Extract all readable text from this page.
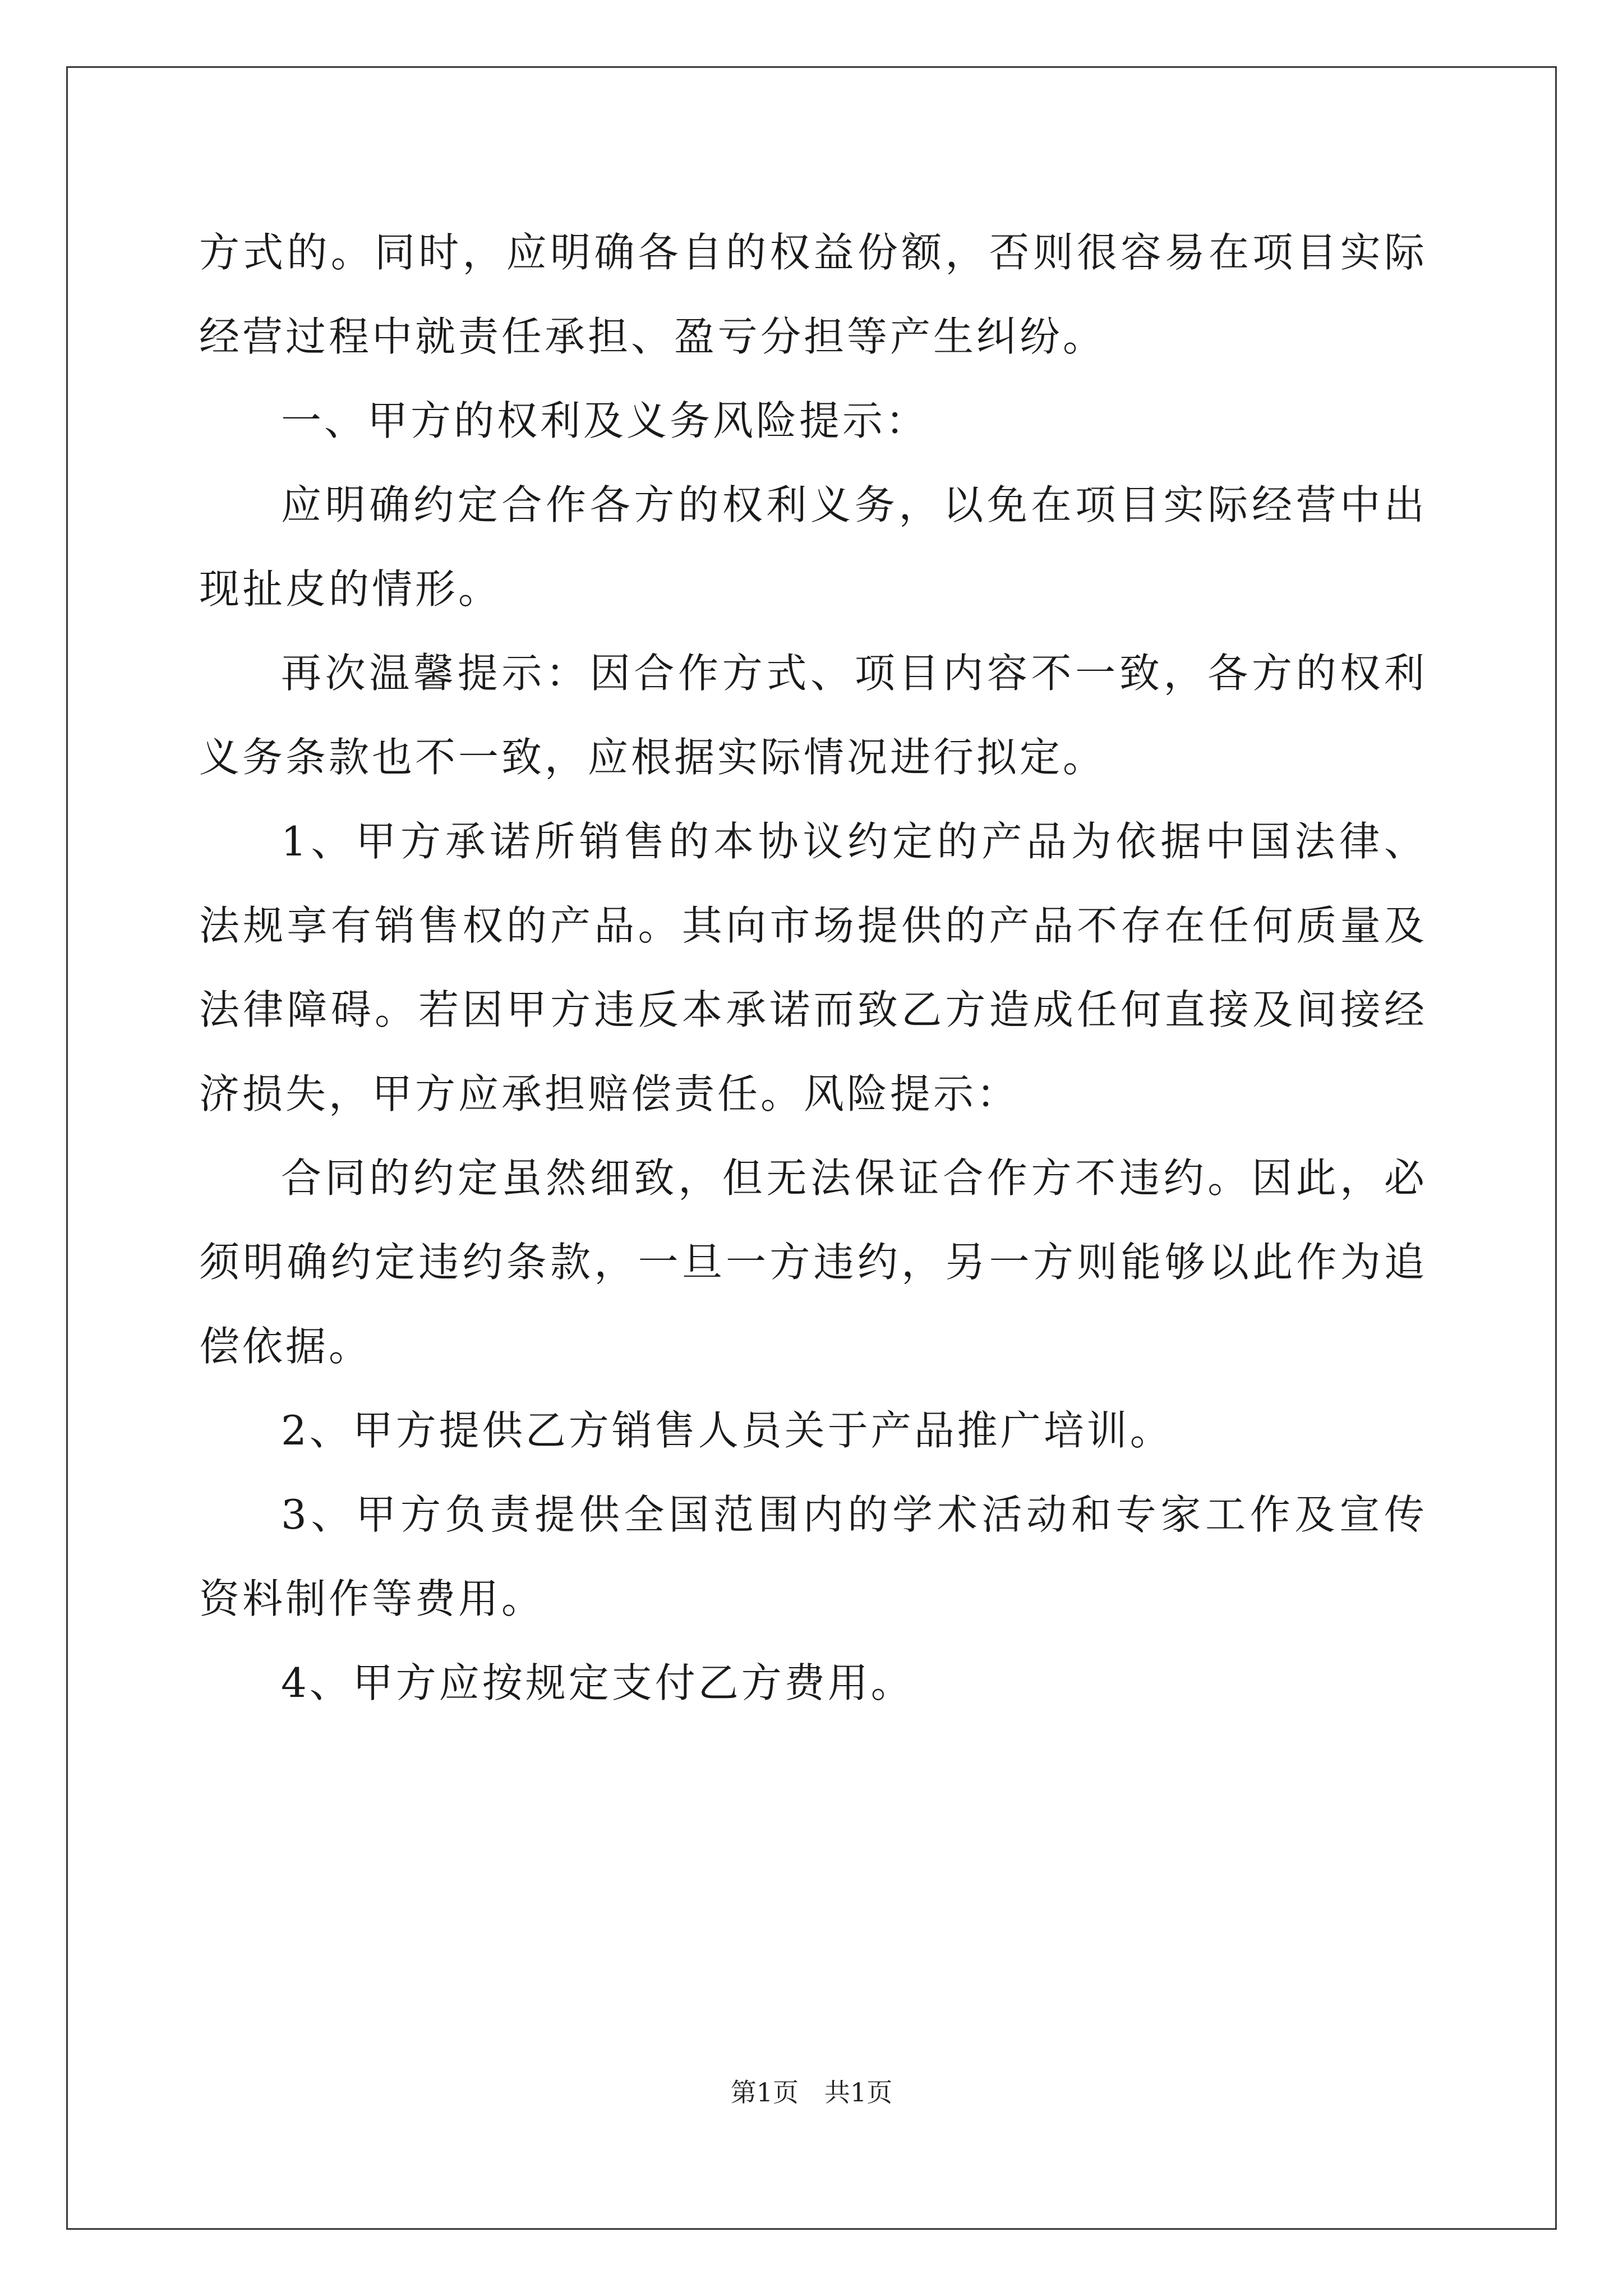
方式的。同时，应明确各自的权益份额，否则很容易在项目实际经营过程中就责任承担、盈亏分担等产生纠纷。

一、甲方的权利及义务风险提示：

应明确约定合作各方的权利义务，以免在项目实际经营中出现扯皮的情形。

再次温馨提示：因合作方式、项目内容不一致，各方的权利义务条款也不一致，应根据实际情况进行拟定。

1、甲方承诺所销售的本协议约定的产品为依据中国法律、法规享有销售权的产品。其向市场提供的产品不存在任何质量及法律障碍。若因甲方违反本承诺而致乙方造成任何直接及间接经济损失，甲方应承担赔偿责任。风险提示：

合同的约定虽然细致，但无法保证合作方不违约。因此，必须明确约定违约条款，一旦一方违约，另一方则能够以此作为追偿依据。

2、甲方提供乙方销售人员关于产品推广培训。

3、甲方负责提供全国范围内的学术活动和专家工作及宣传资料制作等费用。

4、甲方应按规定支付乙方费用。

第1页　共1页
